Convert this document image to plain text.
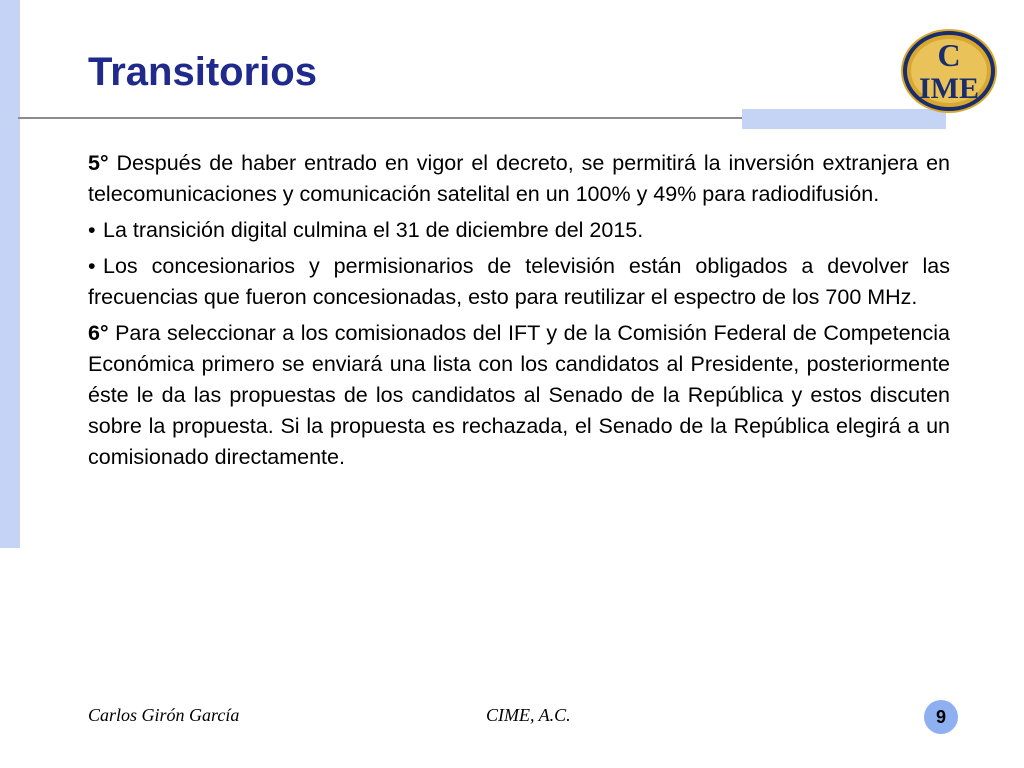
Transitorios	C
IME

5° Después de haber entrado en vigor el decreto, se permitirá la inversión extranjera en telecomunicaciones y comunicación satelital en un 100% y 49% para radiodifusión.

• La transición digital culmina el 31 de diciembre del 2015.

• Los concesionarios y permisionarios de televisión están obligados a devolver las frecuencias que fueron concesionadas, esto para reutilizar el espectro de los 700 MHz.

6° Para seleccionar a los comisionados del IFT y de la Comisión Federal de Competencia Económica primero se enviará una lista con los candidatos al Presidente, posteriormente éste le da las propuestas de los candidatos al Senado de la República y estos discuten sobre la propuesta. Si la propuesta es rechazada, el Senado de la República elegirá a un comisionado directamente.

Carlos Girón García	CIME, A.C.	9
